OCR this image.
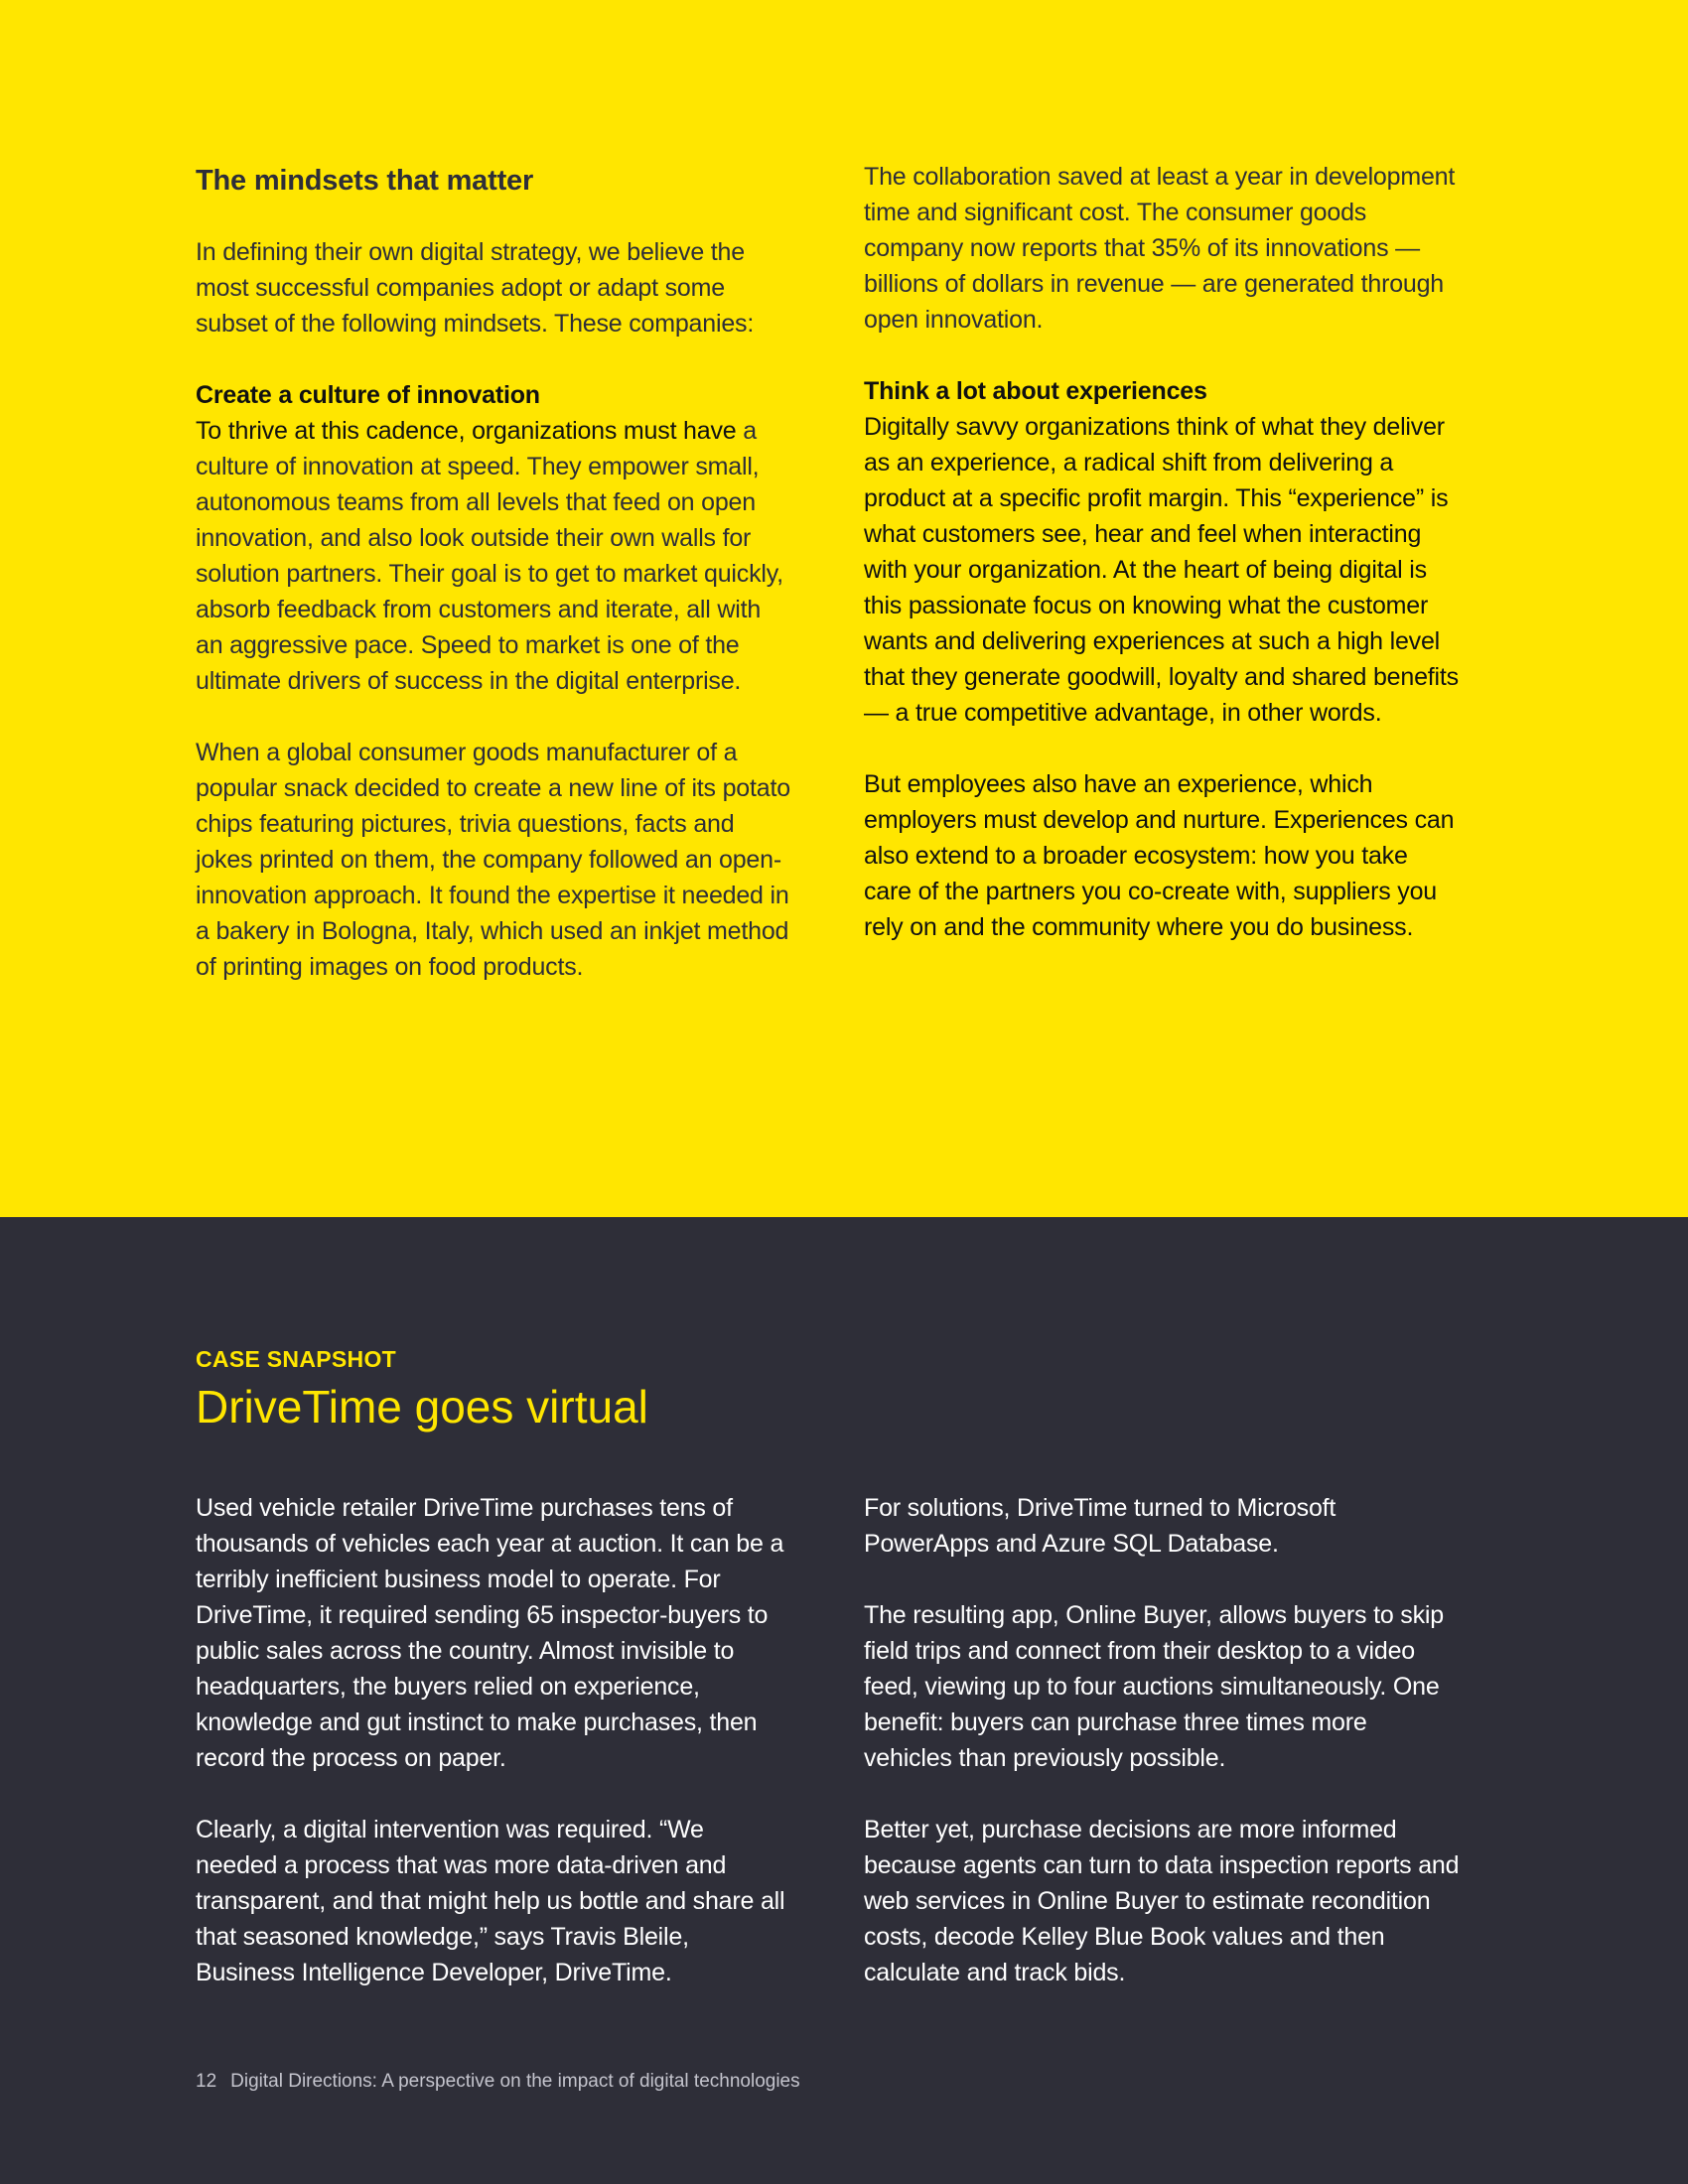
The mindsets that matter

In defining their own digital strategy, we believe the most successful companies adopt or adapt some subset of the following mindsets. These companies:

Create a culture of innovation
To thrive at this cadence, organizations must have a culture of innovation at speed. They empower small, autonomous teams from all levels that feed on open innovation, and also look outside their own walls for solution partners. Their goal is to get to market quickly, absorb feedback from customers and iterate, all with an aggressive pace. Speed to market is one of the ultimate drivers of success in the digital enterprise.

When a global consumer goods manufacturer of a popular snack decided to create a new line of its potato chips featuring pictures, trivia questions, facts and jokes printed on them, the company followed an open-innovation approach. It found the expertise it needed in a bakery in Bologna, Italy, which used an inkjet method of printing images on food products.

The collaboration saved at least a year in development time and significant cost. The consumer goods company now reports that 35% of its innovations — billions of dollars in revenue — are generated through open innovation.

Think a lot about experiences
Digitally savvy organizations think of what they deliver as an experience, a radical shift from delivering a product at a specific profit margin. This “experience” is what customers see, hear and feel when interacting with your organization. At the heart of being digital is this passionate focus on knowing what the customer wants and delivering experiences at such a high level that they generate goodwill, loyalty and shared benefits — a true competitive advantage, in other words.

But employees also have an experience, which employers must develop and nurture. Experiences can also extend to a broader ecosystem: how you take care of the partners you co-create with, suppliers you rely on and the community where you do business.

CASE SNAPSHOT
DriveTime goes virtual

Used vehicle retailer DriveTime purchases tens of thousands of vehicles each year at auction. It can be a terribly inefficient business model to operate. For DriveTime, it required sending 65 inspector-buyers to public sales across the country. Almost invisible to headquarters, the buyers relied on experience, knowledge and gut instinct to make purchases, then record the process on paper.

Clearly, a digital intervention was required. “We needed a process that was more data-driven and transparent, and that might help us bottle and share all that seasoned knowledge,” says Travis Bleile, Business Intelligence Developer, DriveTime.

For solutions, DriveTime turned to Microsoft PowerApps and Azure SQL Database.

The resulting app, Online Buyer, allows buyers to skip field trips and connect from their desktop to a video feed, viewing up to four auctions simultaneously. One benefit: buyers can purchase three times more vehicles than previously possible.

Better yet, purchase decisions are more informed because agents can turn to data inspection reports and web services in Online Buyer to estimate recondition costs, decode Kelley Blue Book values and then calculate and track bids.

12 Digital Directions: A perspective on the impact of digital technologies
